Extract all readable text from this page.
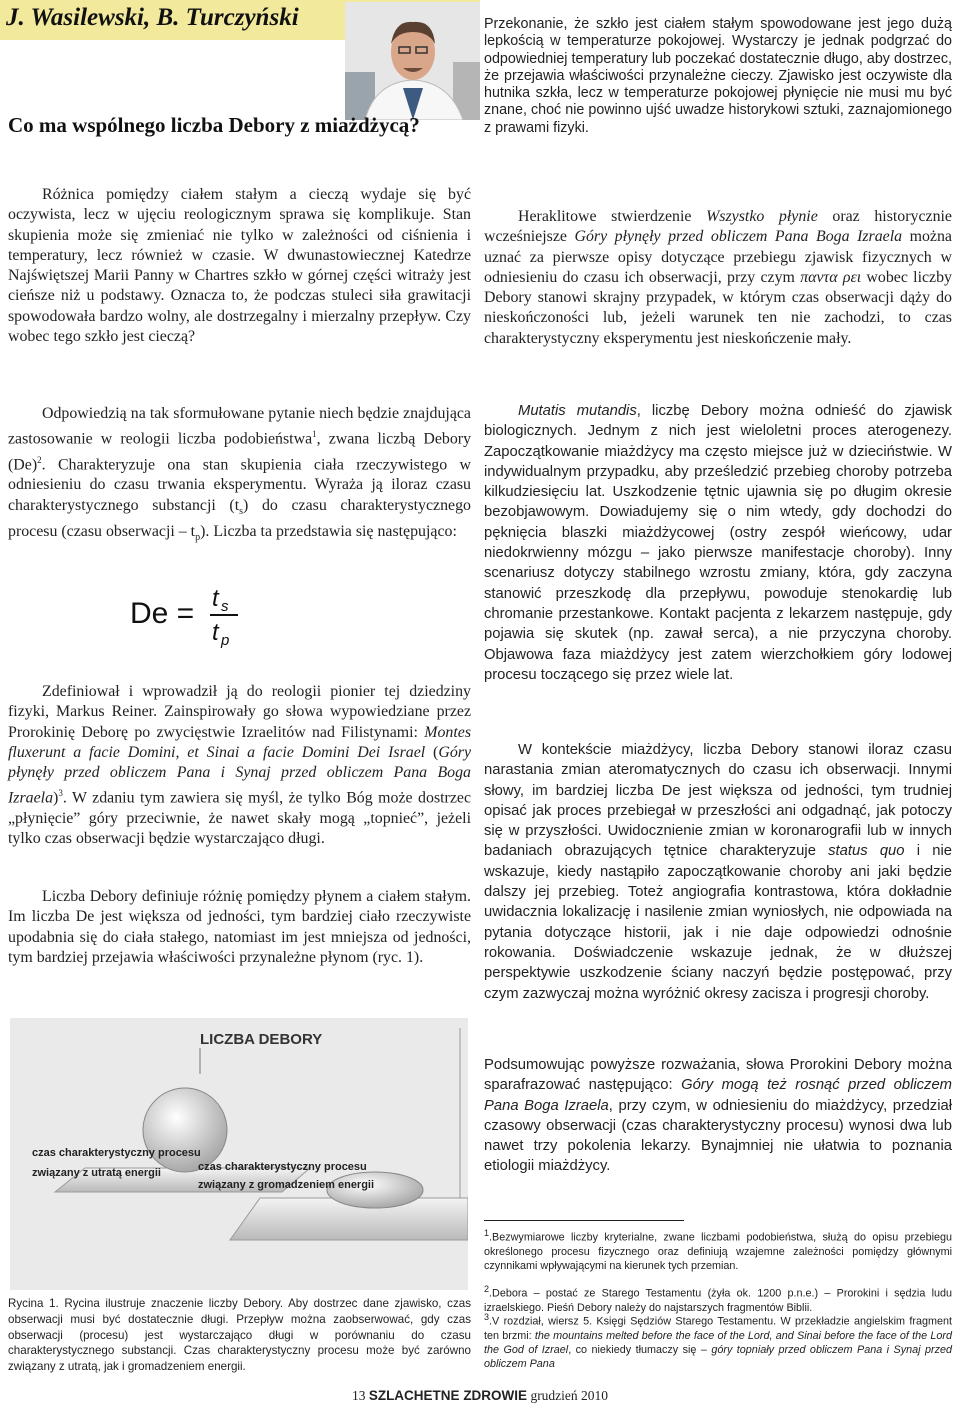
J. Wasilewski, B. Turczyński
Co ma wspólnego liczba Debory z miażdżycą?

Różnica pomiędzy ciałem stałym a cieczą wydaje się być oczywista, lecz w ujęciu reologicznym sprawa się komplikuje. Stan skupienia może się zmieniać nie tylko w zależności od ciśnienia i temperatury, lecz również w czasie. W dwunastowiecznej Katedrze Najświętszej Marii Panny w Chartres szkło w górnej części witraży jest cieńsze niż u podstawy. Oznacza to, że podczas stuleci siła grawitacji spowodowała bardzo wolny, ale dostrzegalny i mierzalny przepływ. Czy wobec tego szkło jest cieczą?

Odpowiedzią na tak sformułowane pytanie niech będzie znajdująca zastosowanie w reologii liczba podobieństwa$^1$, zwana liczbą Debory $(De)^2$. Charakteryzuje ona stan skupienia ciała rzeczywistego w odniesieniu do czasu trwania eksperymentu. Wyraża ją iloraz czasu charakterystycznego substancji $(t_s)$ do czasu charakterystycznego procesu (czasu obserwacji – $t_p$). Liczba ta przedstawia się następująco:

De = t s
t p

Zdefiniował i wprowadził ją do reologii pionier tej dziedziny fizyki, Markus Reiner. Zainspirowały go słowa wypowiedziane przez Prorokinię Deborę po zwycięstwie Izraelitów nad Filistynami: Montes fluxerunt a facie Domini, et Sinai a facie Domini Dei Israel (Góry płynęły przed obliczem Pana i Synaj przed obliczem Pana Boga Izraela)$^3$. W zdaniu tym zawiera się myśl, że tylko Bóg może dostrzec „płynięcie” góry przeciwnie, że nawet skały mogą „topnieć”, jeżeli tylko czas obserwacji będzie wystarczająco długi.

Liczba Debory definiuje różnię pomiędzy płynem a ciałem stałym. Im liczba De jest większa od jedności, tym bardziej ciało rzeczywiste upodabnia się do ciała stałego, natomiast im jest mniejsza od jedności, tym bardziej przejawia właściwości przynależne płynom (ryc. 1).

LICZBA DEBORY
czas charakterystyczny procesu
związany z utratą energii	czas charakterystyczny procesu
związany z gromadzeniem energii
Rycina 1. Rycina ilustruje znaczenie liczby Debory. Aby dostrzec dane zjawisko, czas obserwacji musi być dostatecznie długi. Przepływ można zaobserwować, gdy czas obserwacji (procesu) jest wystarczająco długi w porównaniu do czasu charakterystycznego substancji. Czas charakterystyczny procesu może być zarówno związany z utratą, jak i gromadzeniem energii.

Przekonanie, że szkło jest ciałem stałym spowodowane jest jego dużą lepkością w temperaturze pokojowej. Wystarczy je jednak podgrzać do odpowiedniej temperatury lub poczekać dostatecznie długo, aby dostrzec, że przejawia właściwości przynależne cieczy. Zjawisko jest oczywiste dla hutnika szkła, lecz w temperaturze pokojowej płynięcie nie musi mu być znane, choć nie powinno ujść uwadze historykowi sztuki, zaznajomionego z prawami fizyki.

Heraklitowe stwierdzenie Wszystko płynie oraz historycznie wcześniejsze Góry płynęły przed obliczem Pana Boga Izraela można uznać za pierwsze opisy dotyczące przebiegu zjawisk fizycznych w odniesieniu do czasu ich obserwacji, przy czym παντα ρει wobec liczby Debory stanowi skrajny przypadek, w którym czas obserwacji dąży do nieskończoności lub, jeżeli warunek ten nie zachodzi, to czas charakterystyczny eksperymentu jest nieskończenie mały.

Mutatis mutandis, liczbę Debory można odnieść do zjawisk biologicznych. Jednym z nich jest wieloletni proces aterogenezy. Zapoczątkowanie miażdżycy ma często miejsce już w dzieciństwie. W indywidualnym przypadku, aby prześledzić przebieg choroby potrzeba kilkudziesięciu lat. Uszkodzenie tętnic ujawnia się po długim okresie bezobjawowym. Dowiadujemy się o nim wtedy, gdy dochodzi do pęknięcia blaszki miażdżycowej (ostry zespół wieńcowy, udar niedokrwienny mózgu – jako pierwsze manifestacje choroby). Inny scenariusz dotyczy stabilnego wzrostu zmiany, która, gdy zaczyna stanowić przeszkodę dla przepływu, powoduje stenokardię lub chromanie przestankowe. Kontakt pacjenta z lekarzem następuje, gdy pojawia się skutek (np. zawał serca), a nie przyczyna choroby. Objawowa faza miażdżycy jest zatem wierzchołkiem góry lodowej procesu toczącego się przez wiele lat.

W kontekście miażdżycy, liczba Debory stanowi iloraz czasu narastania zmian ateromatycznych do czasu ich obserwacji. Innymi słowy, im bardziej liczba De jest większa od jedności, tym trudniej opisać jak proces przebiegał w przeszłości ani odgadnąć, jak potoczy się w przyszłości. Uwidocznienie zmian w koronarografii lub w innych badaniach obrazujących tętnice charakteryzuje status quo i nie wskazuje, kiedy nastąpiło zapoczątkowanie choroby ani jaki będzie dalszy jej przebieg. Toteż angiografia kontrastowa, która dokładnie uwidacznia lokalizację i nasilenie zmian wyniosłych, nie odpowiada na pytania dotyczące historii, jak i nie daje odpowiedzi odnośnie rokowania. Doświadczenie wskazuje jednak, że w dłuższej perspektywie uszkodzenie ściany naczyń będzie postępować, przy czym zazwyczaj można wyróżnić okresy zacisza i progresji choroby.

Podsumowując powyższe rozważania, słowa Prorokini Debory można sparafrazować następująco: Góry mogą też rosnąć przed obliczem Pana Boga Izraela, przy czym, w odniesieniu do miażdżycy, przedział czasowy obserwacji (czas charakterystyczny procesu) wynosi dwa lub nawet trzy pokolenia lekarzy. Bynajmniej nie ułatwia to poznania etiologii miażdżycy.

$^1$.Bezwymiarowe liczby kryterialne, zwane liczbami podobieństwa, służą do opisu przebiegu określonego procesu fizycznego oraz definiują wzajemne zależności pomiędzy głównymi czynnikami wpływającymi na kierunek tych przemian.
$^2$.Debora – postać ze Starego Testamentu (żyła ok. 1200 p.n.e.) – Prorokini i sędzia ludu izraelskiego. Pieśń Debory należy do najstarszych fragmentów Biblii.
$^3$.V rozdział, wiersz 5. Księgi Sędziów Starego Testamentu. W przekładzie angielskim fragment ten brzmi: the mountains melted before the face of the Lord, and Sinai before the face of the Lord the God of Izrael, co niekiedy tłumaczy się – góry topniały przed obliczem Pana i Synaj przed obliczem Pana
13 SZLACHETNE ZDROWIE grudzień 2010
